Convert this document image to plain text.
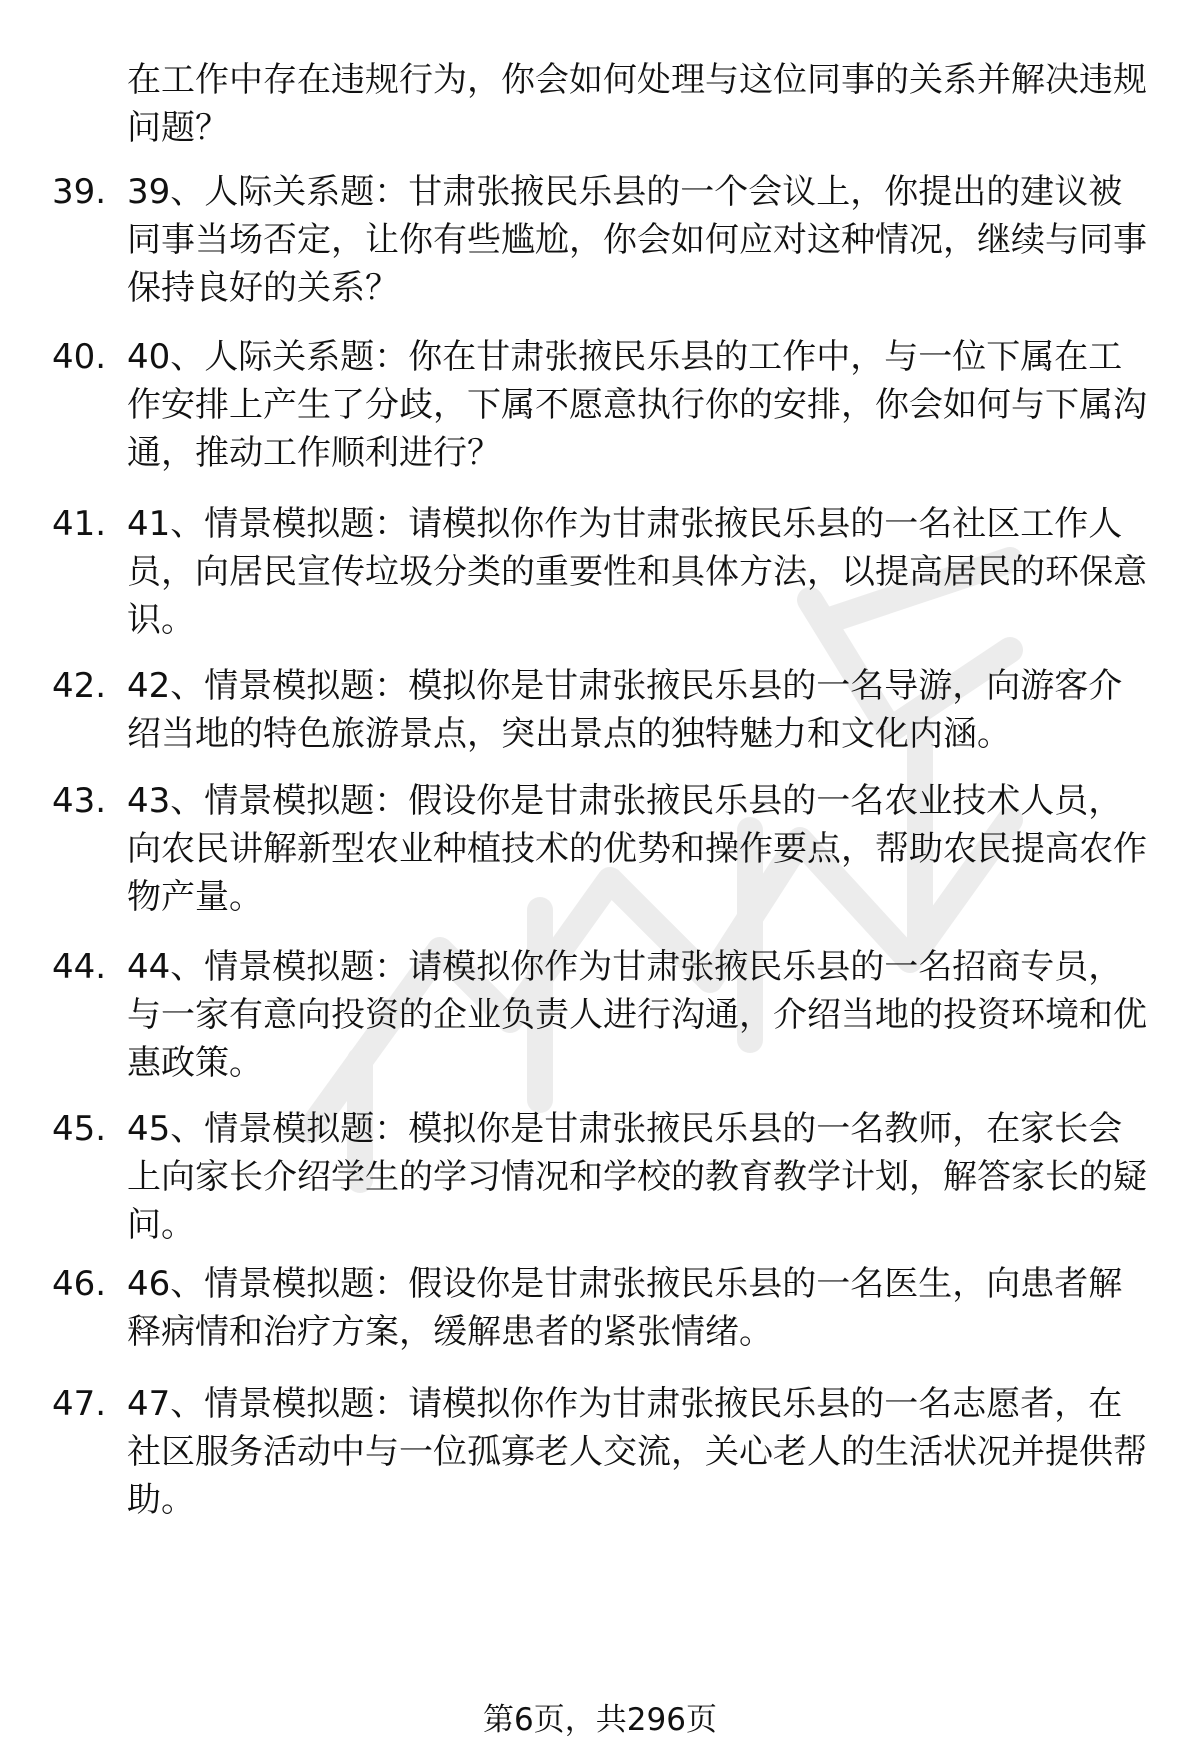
在工作中存在违规行为，你会如何处理与这位同事的关系并解决违规问题？

39. 39、人际关系题：甘肃张掖民乐县的一个会议上，你提出的建议被同事当场否定，让你有些尴尬，你会如何应对这种情况，继续与同事保持良好的关系？

40. 40、人际关系题：你在甘肃张掖民乐县的工作中，与一位下属在工作安排上产生了分歧，下属不愿意执行你的安排，你会如何与下属沟通，推动工作顺利进行？

41. 41、情景模拟题：请模拟你作为甘肃张掖民乐县的一名社区工作人员，向居民宣传垃圾分类的重要性和具体方法，以提高居民的环保意识。

42. 42、情景模拟题：模拟你是甘肃张掖民乐县的一名导游，向游客介绍当地的特色旅游景点，突出景点的独特魅力和文化内涵。

43. 43、情景模拟题：假设你是甘肃张掖民乐县的一名农业技术人员，向农民讲解新型农业种植技术的优势和操作要点，帮助农民提高农作物产量。

44. 44、情景模拟题：请模拟你作为甘肃张掖民乐县的一名招商专员，与一家有意向投资的企业负责人进行沟通，介绍当地的投资环境和优惠政策。

45. 45、情景模拟题：模拟你是甘肃张掖民乐县的一名教师，在家长会上向家长介绍学生的学习情况和学校的教育教学计划，解答家长的疑问。

46. 46、情景模拟题：假设你是甘肃张掖民乐县的一名医生，向患者解释病情和治疗方案，缓解患者的紧张情绪。

47. 47、情景模拟题：请模拟你作为甘肃张掖民乐县的一名志愿者，在社区服务活动中与一位孤寡老人交流，关心老人的生活状况并提供帮助。

第6页，共296页
